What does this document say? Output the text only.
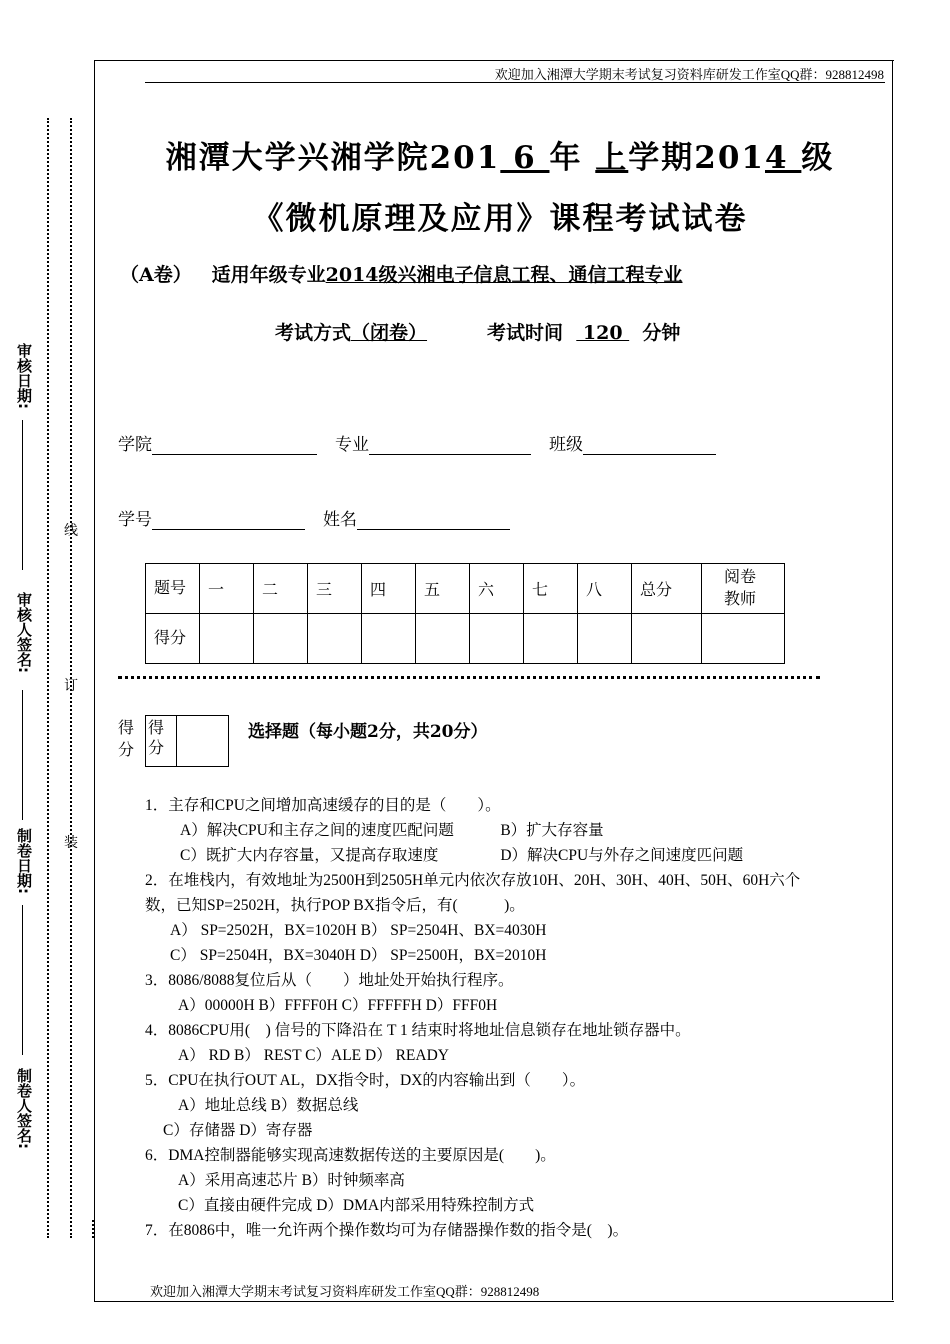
欢迎加入湘潭大学期末考试复习资料库研发工作室QQ群：928812498
欢迎加入湘潭大学期末考试复习资料库研发工作室QQ群：928812498
审核日期:
审核人签名:
制卷日期:
制卷人签名:
线
订
装
湘潭大学兴湘学院201 6 年 上学期2014 级
《微机原理及应用》课程考试试卷
（A卷） 适用年级专业2014级兴湘电子信息工程、通信工程专业
考试方式（闭卷）	考试时间   120   分钟
学院	专业	班级
学号	姓名
题号	一	二	三	四	五	六	七	八	总分	阅卷教师
得分										
得分
得分
选择题（每小题2分，共20分）
1．主存和CPU之间增加高速缓存的目的是（　　）。
A）解决CPU和主存之间的速度匹配问题　　　B）扩大存容量
C）既扩大内存容量，又提高存取速度　　　　D）解决CPU与外存之间速度匹问题
2．在堆栈内，有效地址为2500H到2505H单元内依次存放10H、20H、30H、40H、50H、60H六个
数，已知SP=2502H，执行POP BX指令后，有(　　　)。
A） SP=2502H，BX=1020H B） SP=2504H、BX=4030H
C） SP=2504H，BX=3040H D） SP=2500H，BX=2010H
3．8086/8088复位后从（　　）地址处开始执行程序。
A）00000H B）FFFF0H C）FFFFFH D）FFF0H
4．8086CPU用(　) 信号的下降沿在 T 1 结束时将地址信息锁存在地址锁存器中。
A） RD B） REST C）ALE D） READY
5．CPU在执行OUT AL，DX指令时，DX的内容输出到（　　）。
A）地址总线 B）数据总线
C）存储器 D）寄存器
6．DMA控制器能够实现高速数据传送的主要原因是(　　)。
A）采用高速芯片 B）时钟频率高
C）直接由硬件完成 D）DMA内部采用特殊控制方式
7．在8086中，唯一允许两个操作数均可为存储器操作数的指令是(　)。
